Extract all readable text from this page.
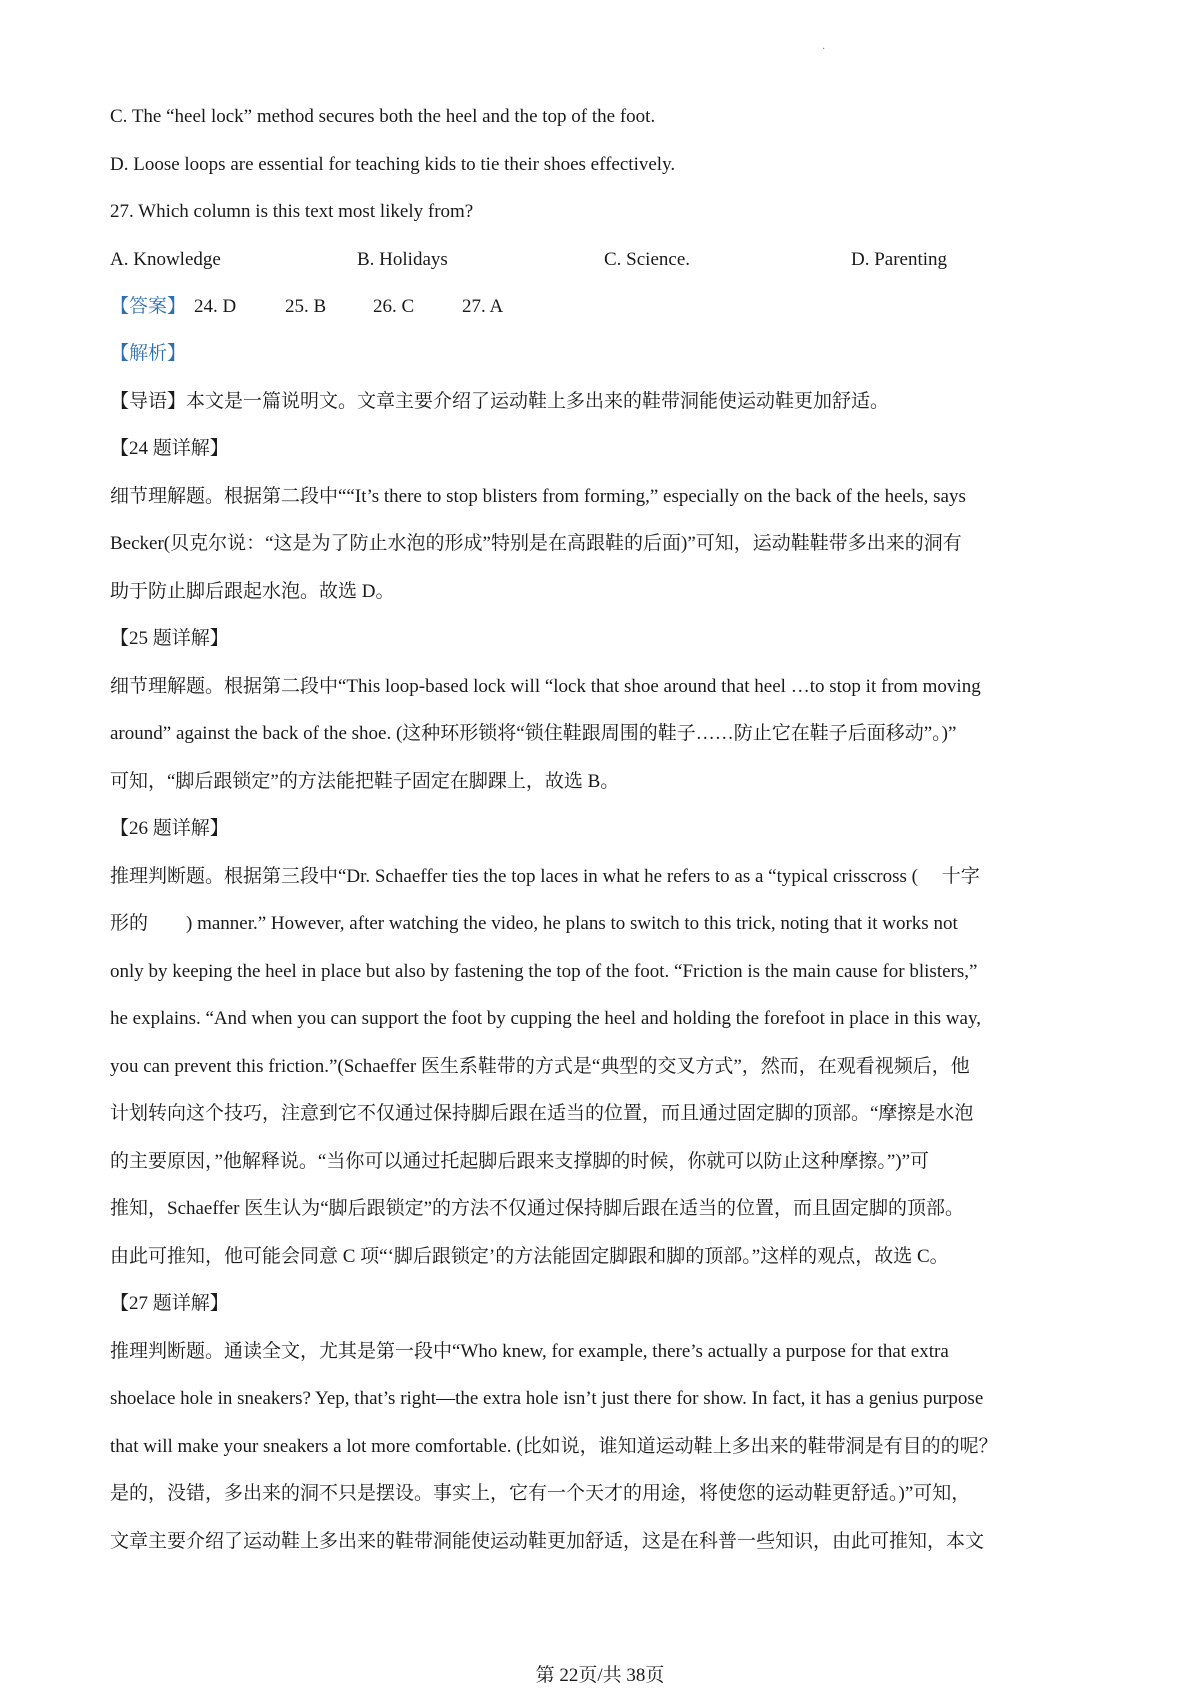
·
C. The “heel lock” method secures both the heel and the top of the foot.
D. Loose loops are essential for teaching kids to tie their shoes effectively.
27. Which column is this text most likely from?
A. Knowledge	B. Holidays	C. Science.	D. Parenting
【答案】 24. D	25. B 26. C	27. A
【解析】
【导语】本文是一篇说明文。文章主要介绍了运动鞋上多出来的鞋带洞能使运动鞋更加舒适。
【24 题详解】
细节理解题。根据第二段中““It’s there to stop blisters from forming,” especially on the back of the heels, says
Becker(贝克尔说：“这是为了防止水泡的形成”特别是在高跟鞋的后面)”可知，运动鞋鞋带多出来的洞有
助于防止脚后跟起水泡。故选 D。
【25 题详解】
细节理解题。根据第二段中“This loop-based lock will “lock that shoe around that heel …to stop it from moving
around” against the back of the shoe. (这种环形锁将“锁住鞋跟周围的鞋子……防止它在鞋子后面移动”。)”
可知，“脚后跟锁定”的方法能把鞋子固定在脚踝上，故选 B。
【26 题详解】
推理判断题。根据第三段中“Dr. Schaeffer ties the top laces in what he refers to as a “typical crisscross (　 十字
形的　　) manner.” However, after watching the video, he plans to switch to this trick, noting that it works not
only by keeping the heel in place but also by fastening the top of the foot. “Friction is the main cause for blisters,”
he explains. “And when you can support the foot by cupping the heel and holding the forefoot in place in this way,
you can prevent this friction.”(Schaeffer 医生系鞋带的方式是“典型的交叉方式”，然而，在观看视频后，他
计划转向这个技巧，注意到它不仅通过保持脚后跟在适当的位置，而且通过固定脚的顶部。“摩擦是水泡
的主要原因，”他解释说。“当你可以通过托起脚后跟来支撑脚的时候，你就可以防止这种摩擦。”)”可
推知，Schaeffer 医生认为“脚后跟锁定”的方法不仅通过保持脚后跟在适当的位置，而且固定脚的顶部。
由此可推知，他可能会同意 C 项“‘脚后跟锁定’的方法能固定脚跟和脚的顶部。”这样的观点，故选 C。
【27 题详解】
推理判断题。通读全文，尤其是第一段中“Who knew, for example, there’s actually a purpose for that extra
shoelace hole in sneakers? Yep, that’s right—the extra hole isn’t just there for show. In fact, it has a genius purpose
that will make your sneakers a lot more comfortable. (比如说，谁知道运动鞋上多出来的鞋带洞是有目的的呢？
是的，没错，多出来的洞不只是摆设。事实上，它有一个天才的用途，将使您的运动鞋更舒适。)”可知，
文章主要介绍了运动鞋上多出来的鞋带洞能使运动鞋更加舒适，这是在科普一些知识，由此可推知，本文
第 22页/共 38页
